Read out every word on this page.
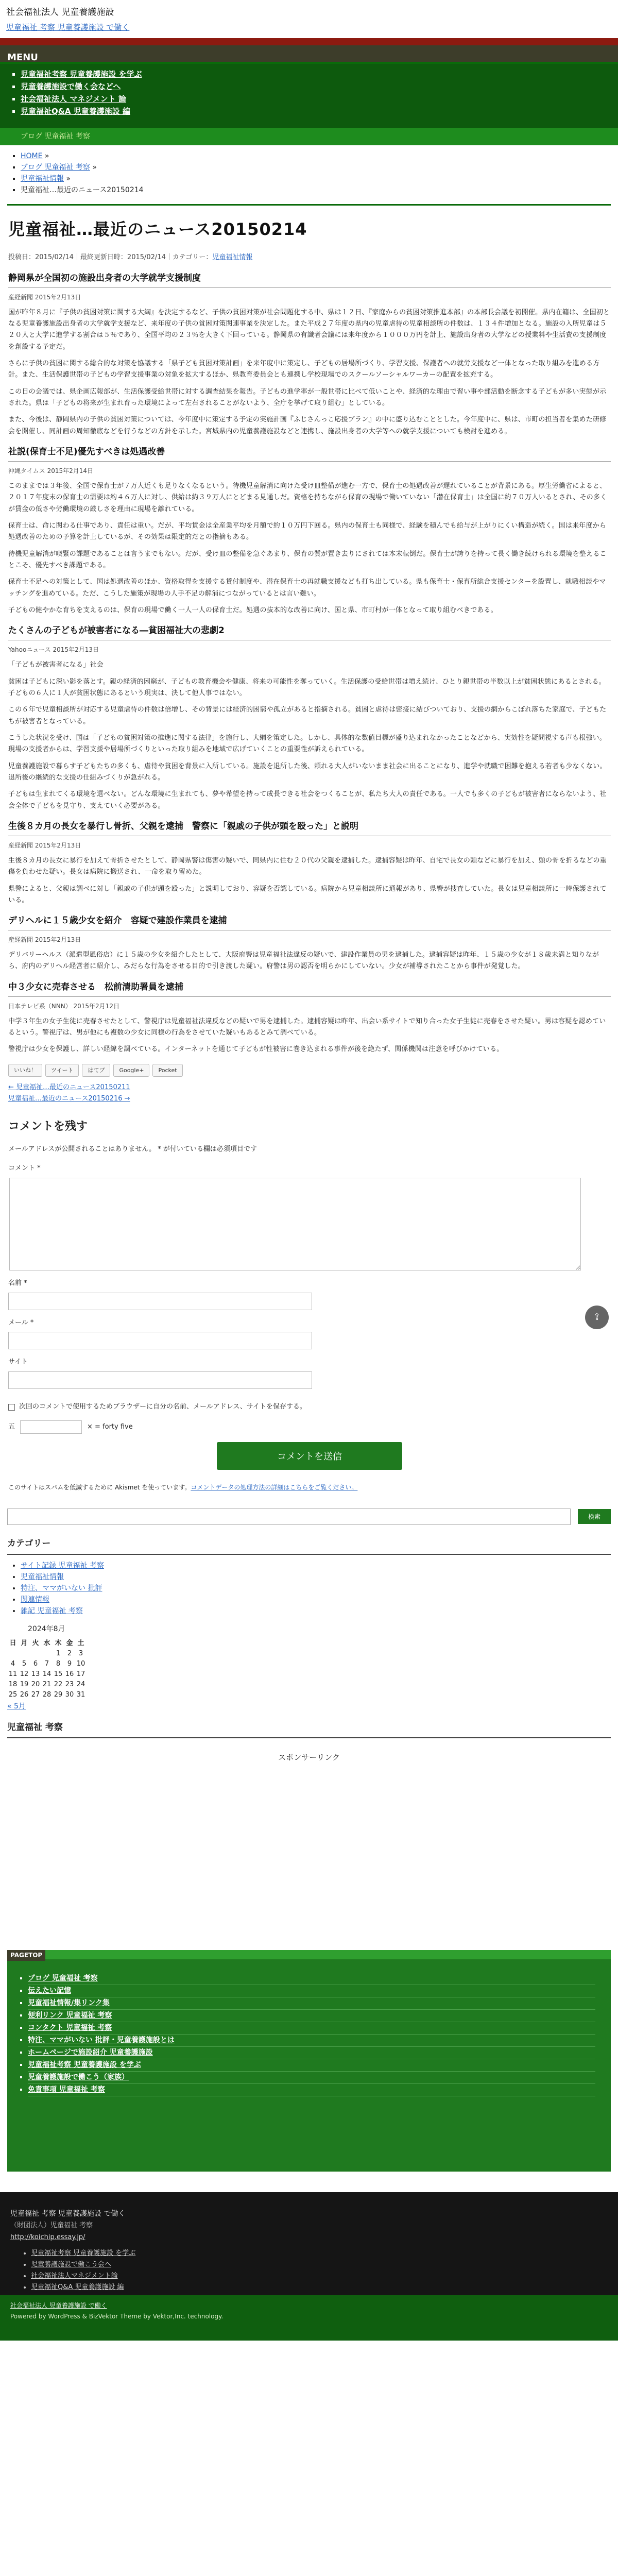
社会福祉法人 児童養護施設
児童福祉 考察 児童養護施設 で働く
MENU
▪ 児童福祉考察 児童養護施設 を学ぶ
▪ 児童養護施設で働く会などへ
▪ 社会福祉法人 マネジメント 論
▪ 児童福祉Q&A 児童養護施設 編
ブログ 児童福祉 考察
▪ HOME »
▪ ブログ 児童福祉 考察 »
▪ 児童福祉情報 »
▪ 児童福祉…最近のニュース20150214
児童福祉…最近のニュース20150214
投稿日：2015/02/14｜最終更新日時：2015/02/14｜カテゴリー：児童福祉情報
静岡県が全国初の施設出身者の大学就学支援制度
産経新聞 2015年2月13日

国が昨年８月に『子供の貧困対策に関する大綱』を決定するなど、子供の貧困対策が社会問題化する中、県は１２日、『家庭からの貧困対策推進本部』の本部長会議を初開催。県内在籍は、全国初となる児童養護施設出身者の大学就学支援など、来年度の子供の貧困対策関連事業を決定した。また平成２７年度の県内の児童虐待の児童相談所の件数は、１３４件増加となる。施設の入所児童は５２０人と大学に進学する割合は５％であり、全国平均の２３％を大きく下回っている。静岡県の有識者会議には来年度から１０００万円を計上、施設出身者の大学などの授業料や生活費の支援制度を創設する予定だ。

さらに子供の貧困に関する総合的な対策を協議する「県子ども貧困対策計画」を来年度中に策定し、子どもの居場所づくり、学習支援、保護者への就労支援など一体となった取り組みを進める方針。また、生活保護世帯の子どもの学習支援事業の対象を拡大するほか、県教育委員会とも連携し学校現場でのスクールソーシャルワーカーの配置を拡充する。

この日の会議では、県企画広報部が、生活保護受給世帯に対する調査結果を報告。子どもの進学率が一般世帯に比べて低いことや、経済的な理由で習い事や部活動を断念する子どもが多い実態が示された。県は「子どもの将来が生まれ育った環境によって左右されることがないよう、全庁を挙げて取り組む」としている。

また、今後は、静岡県内の子供の貧困対策については、今年度中に策定する予定の実施計画『ふじさんっこ応援プラン』の中に盛り込むこととした。今年度中に、県は、市町の担当者を集めた研修会を開催し、同計画の周知徹底などを行うなどの方針を示した。宮城県内の児童養護施設などと連携し、施設出身者の大学等への就学支援についても検討を進める。

社説(保育士不足)優先すべきは処遇改善
沖縄タイムス 2015年2月14日

このままでは３年後、全国で保育士が７万人近くも足りなくなるという。待機児童解消に向けた受け皿整備が進む一方で、保育士の処遇改善が遅れていることが背景にある。厚生労働省によると、２０１７年度末の保育士の需要は約４６万人に対し、供給は約３９万人にとどまる見通しだ。資格を持ちながら保育の現場で働いていない「潜在保育士」は全国に約７０万人いるとされ、その多くが賃金の低さや労働環境の厳しさを理由に現場を離れている。

保育士は、命に関わる仕事であり、責任は重い。だが、平均賃金は全産業平均を月額で約１０万円下回る。県内の保育士も同様で、経験を積んでも給与が上がりにくい構造が続く。国は来年度から処遇改善のための予算を計上しているが、その効果は限定的だとの指摘もある。

待機児童解消が喫緊の課題であることは言うまでもない。だが、受け皿の整備を急ぐあまり、保育の質が置き去りにされては本末転倒だ。保育士が誇りを持って長く働き続けられる環境を整えることこそ、優先すべき課題である。

保育士不足への対策として、国は処遇改善のほか、資格取得を支援する貸付制度や、潜在保育士の再就職支援なども打ち出している。県も保育士・保育所総合支援センターを設置し、就職相談やマッチングを進めている。ただ、こうした施策が現場の人手不足の解消につながっているとは言い難い。

子どもの健やかな育ちを支えるのは、保育の現場で働く一人一人の保育士だ。処遇の抜本的な改善に向け、国と県、市町村が一体となって取り組むべきである。

たくさんの子どもが被害者になる―貧困福祉大の悲劇2
Yahooニュース 2015年2月13日

「子どもが被害者になる」社会

貧困は子どもに深い影を落とす。親の経済的困窮が、子どもの教育機会や健康、将来の可能性を奪っていく。生活保護の受給世帯は増え続け、ひとり親世帯の半数以上が貧困状態にあるとされる。子どもの６人に１人が貧困状態にあるという現実は、決して他人事ではない。

この６年で児童相談所が対応する児童虐待の件数は倍増し、その背景には経済的困窮や孤立があると指摘される。貧困と虐待は密接に結びついており、支援の網からこぼれ落ちた家庭で、子どもたちが被害者となっている。

こうした状況を受け、国は「子どもの貧困対策の推進に関する法律」を施行し、大綱を策定した。しかし、具体的な数値目標が盛り込まれなかったことなどから、実効性を疑問視する声も根強い。現場の支援者からは、学習支援や居場所づくりといった取り組みを地域で広げていくことの重要性が訴えられている。

児童養護施設で暮らす子どもたちの多くも、虐待や貧困を背景に入所している。施設を退所した後、頼れる大人がいないまま社会に出ることになり、進学や就職で困難を抱える若者も少なくない。退所後の継続的な支援の仕組みづくりが急がれる。

子どもは生まれてくる環境を選べない。どんな環境に生まれても、夢や希望を持って成長できる社会をつくることが、私たち大人の責任である。一人でも多くの子どもが被害者にならないよう、社会全体で子どもを見守り、支えていく必要がある。

生後８カ月の長女を暴行し骨折、父親を逮捕　警察に「親戚の子供が頭を殴った」と説明
産経新聞 2015年2月13日

生後８カ月の長女に暴行を加えて骨折させたとして、静岡県警は傷害の疑いで、同県内に住む２０代の父親を逮捕した。逮捕容疑は昨年、自宅で長女の頭などに暴行を加え、頭の骨を折るなどの重傷を負わせた疑い。長女は病院に搬送され、一命を取り留めた。

県警によると、父親は調べに対し「親戚の子供が頭を殴った」と説明しており、容疑を否認している。病院から児童相談所に通報があり、県警が捜査していた。長女は児童相談所に一時保護されている。

デリヘルに１５歳少女を紹介　容疑で建設作業員を逮捕
産経新聞 2015年2月13日

デリバリーヘルス（派遣型風俗店）に１５歳の少女を紹介したとして、大阪府警は児童福祉法違反の疑いで、建設作業員の男を逮捕した。逮捕容疑は昨年、１５歳の少女が１８歳未満と知りながら、府内のデリヘル経営者に紹介し、みだらな行為をさせる目的で引き渡した疑い。府警は男の認否を明らかにしていない。少女が補導されたことから事件が発覚した。

中３少女に売春させる　松前清助署員を逮捕
日本テレビ系（NNN） 2015年2月12日

中学３年生の女子生徒に売春させたとして、警視庁は児童福祉法違反などの疑いで男を逮捕した。逮捕容疑は昨年、出会い系サイトで知り合った女子生徒に売春をさせた疑い。男は容疑を認めているという。警視庁は、男が他にも複数の少女に同様の行為をさせていた疑いもあるとみて調べている。

警視庁は少女を保護し、詳しい経緯を調べている。インターネットを通じて子どもが性被害に巻き込まれる事件が後を絶たず、関係機関は注意を呼びかけている。

いいね！	ツイート	はてブ	Google+	Pocket
← 児童福祉…最近のニュース20150211
児童福祉…最近のニュース20150216 →
コメントを残す
メールアドレスが公開されることはありません。 * が付いている欄は必須項目です
コメント *
名前 *
メール *
サイト
次回のコメントで使用するためブラウザーに自分の名前、メールアドレス、サイトを保存する。
五	× = forty five
コメントを送信
このサイトはスパムを低減するために Akismet を使っています。コメントデータの処理方法の詳細はこちらをご覧ください。
検索
カテゴリー
• サイト記録 児童福祉 考察
• 児童福祉情報
• 特注、ママがいない 批評
• 関連情報
• 雑記 児童福祉 考察
2024年8月
日	月	火	水	木	金	土
				1	2	3
4	5	6	7	8	9	10
11	12	13	14	15	16	17
18	19	20	21	22	23	24
25	26	27	28	29	30	31
« 5月
児童福祉 考察
スポンサーリンク
PAGETOP
▪ ブログ 児童福祉 考察
▪ 伝えたい記憶
▪ 児童福祉情報/集リンク集
▪ 便利リンク 児童福祉 考察
▪ コンタクト 児童福祉 考察
▪ 特注、ママがいない 批評・児童養護施設とは
▪ ホームページで施設紹介 児童養護施設
▪ 児童福祉考察 児童養護施設 を学ぶ
▪ 児童養護施設で働こう（家族）
▪ 免責事項 児童福祉 考察
児童福祉 考察 児童養護施設 で働く
（財団法人）児童福祉 考察
http://koichip.essay.jp/
• 児童福祉考察 児童養護施設 を学ぶ
• 児童養護施設で働こう会へ
• 社会福祉法人マネジメント論
• 児童福祉Q&A 児童養護施設 編
社会福祉法人 児童養護施設 で働く
Powered by WordPress & BizVektor Theme by Vektor,Inc. technology.
⇪
